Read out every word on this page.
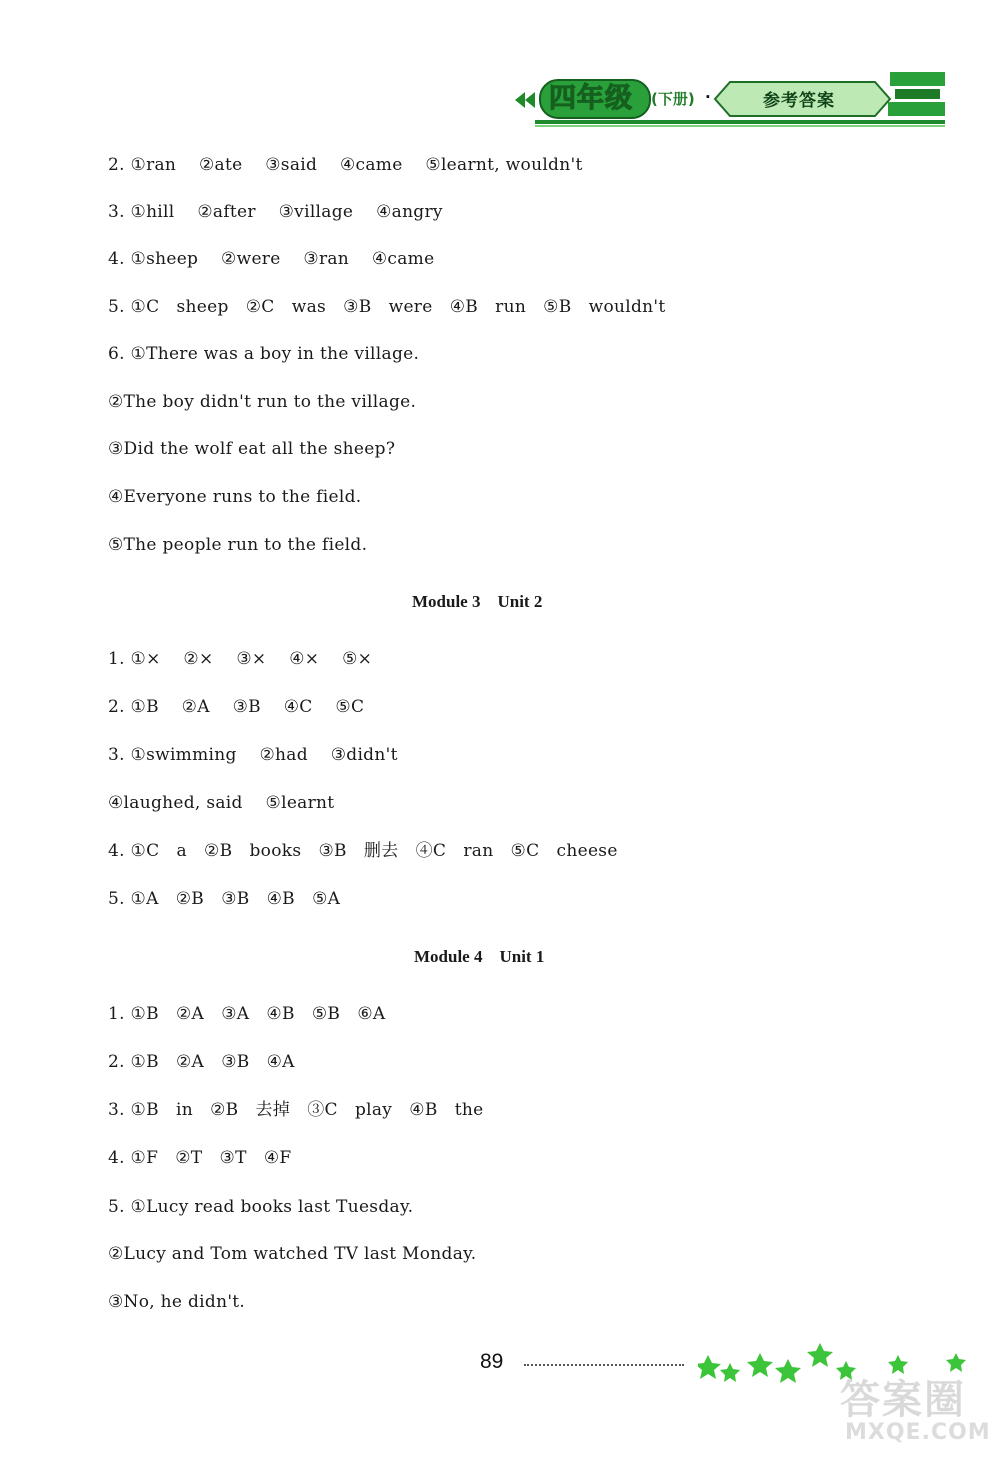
四年级	(下册) ·	参考答案
2. ①ran    ②ate    ③said    ④came    ⑤learnt, wouldn't
3. ①hill    ②after    ③village    ④angry
4. ①sheep    ②were    ③ran    ④came
5. ①C   sheep   ②C   was   ③B   were   ④B   run   ⑤B   wouldn't
6. ①There was a boy in the village.
②The boy didn't run to the village.
③Did the wolf eat all the sheep?
④Everyone runs to the field.
⑤The people run to the field.
Module 3    Unit 2
1. ①×    ②×    ③×    ④×    ⑤×
2. ①B    ②A    ③B    ④C    ⑤C
3. ①swimming    ②had    ③didn't
④laughed, said    ⑤learnt
4. ①C   a   ②B   books   ③B   删去   ④C   ran   ⑤C   cheese
5. ①A   ②B   ③B   ④B   ⑤A
Module 4    Unit 1
1. ①B   ②A   ③A   ④B   ⑤B   ⑥A
2. ①B   ②A   ③B   ④A
3. ①B   in   ②B   去掉   ③C   play   ④B   the
4. ①F   ②T   ③T   ④F
5. ①Lucy read books last Tuesday.
②Lucy and Tom watched TV last Monday.
③No, he didn't.
89
答案圈
MXQE.COM
